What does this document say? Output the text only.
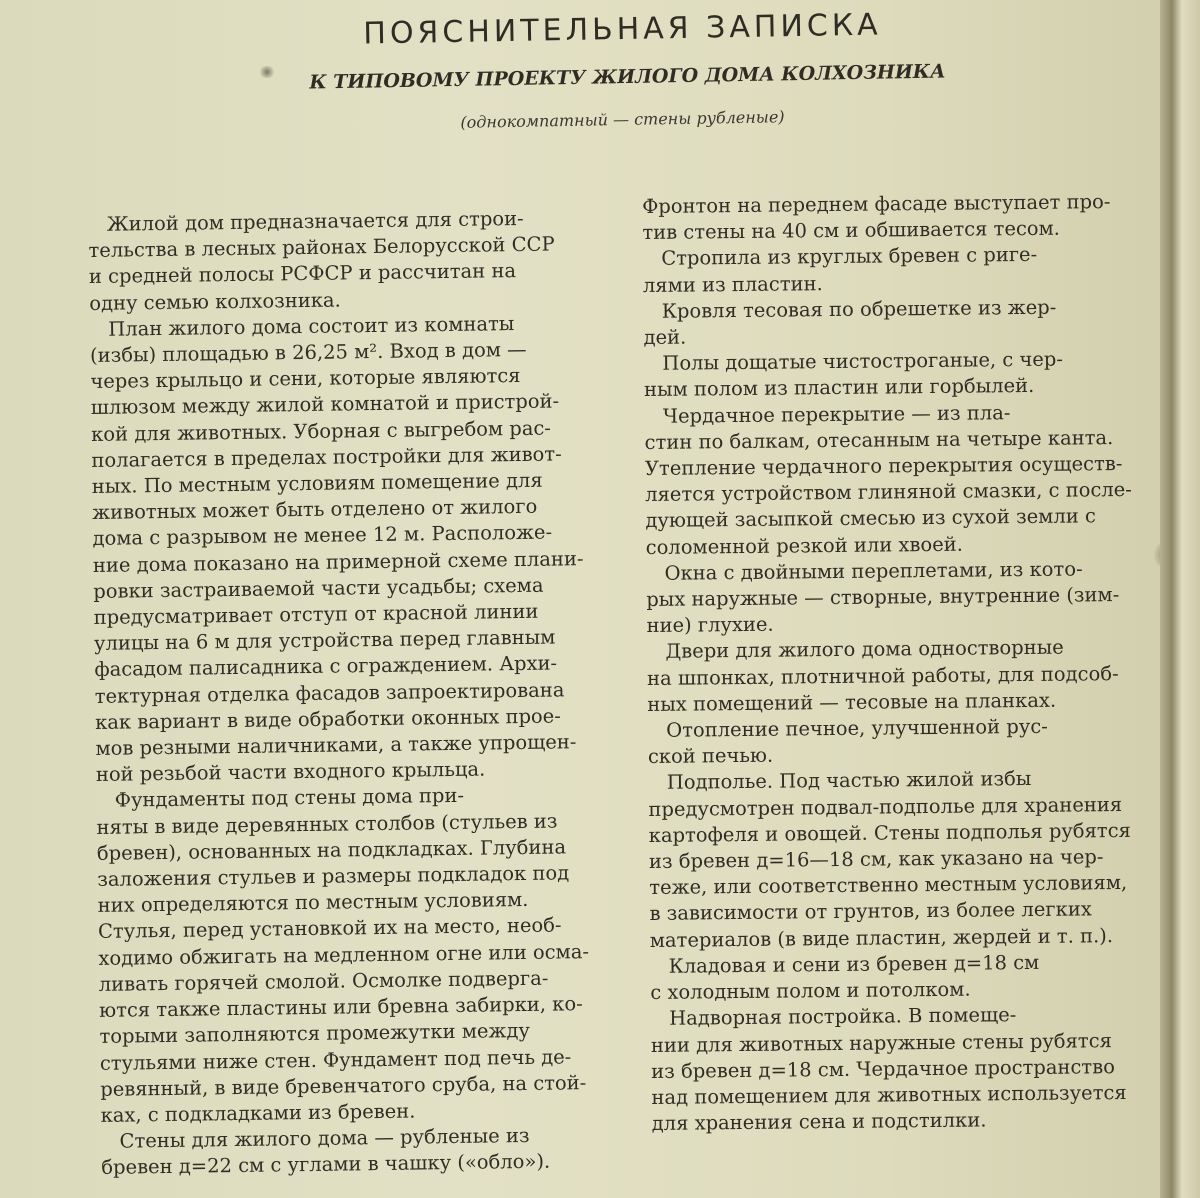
ПОЯСНИТЕЛЬНАЯ ЗАПИСКА
К ТИПОВОМУ ПРОЕКТУ ЖИЛОГО ДОМА КОЛХОЗНИКА
(однокомпатный — стены рубленые)
Жилой дом предназначается для строи-
тельства в лесных районах Белорусской ССР
и средней полосы РСФСР и рассчитан на
одну семью колхозника.
План жилого дома состоит из комнаты
(избы) площадью в 26,25 м². Вход в дом —
через крыльцо и сени, которые являются
шлюзом между жилой комнатой и пристрой-
кой для животных. Уборная с выгребом рас-
полагается в пределах постройки для живот-
ных. По местным условиям помещение для
животных может быть отделено от жилого
дома с разрывом не менее 12 м. Расположе-
ние дома показано на примерной схеме плани-
ровки застраиваемой части усадьбы; схема
предусматривает отступ от красной линии
улицы на 6 м для устройства перед главным
фасадом палисадника с ограждением. Архи-
тектурная отделка фасадов запроектирована
как вариант в виде обработки оконных прое-
мов резными наличниками, а также упрощен-
ной резьбой части входного крыльца.
Фундаменты под стены дома при-
няты в виде деревянных столбов (стульев из
бревен), основанных на подкладках. Глубина
заложения стульев и размеры подкладок под
них определяются по местным условиям.
Стулья, перед установкой их на место, необ-
ходимо обжигать на медленном огне или осма-
ливать горячей смолой. Осмолке подверга-
ются также пластины или бревна забирки, ко-
торыми заполняются промежутки между
стульями ниже стен. Фундамент под печь де-
ревянный, в виде бревенчатого сруба, на стой-
ках, с подкладками из бревен.
Стены для жилого дома — рубленые из
бревен д=22 см с углами в чашку («обло»).
Фронтон на переднем фасаде выступает про-
тив стены на 40 см и обшивается тесом.
Стропила из круглых бревен с риге-
лями из пластин.
Кровля тесовая по обрешетке из жер-
дей.
Полы дощатые чистостроганые, с чер-
ным полом из пластин или горбылей.
Чердачное перекрытие — из пла-
стин по балкам, отесанным на четыре канта.
Утепление чердачного перекрытия осуществ-
ляется устройством глиняной смазки, с после-
дующей засыпкой смесью из сухой земли с
соломенной резкой или хвоей.
Окна с двойными переплетами, из кото-
рых наружные — створные, внутренние (зим-
ние) глухие.
Двери для жилого дома одностворные
на шпонках, плотничной работы, для подсоб-
ных помещений — тесовые на планках.
Отопление печное, улучшенной рус-
ской печью.
Подполье. Под частью жилой избы
предусмотрен подвал-подполье для хранения
картофеля и овощей. Стены подполья рубятся
из бревен д=16—18 см, как указано на чер-
теже, или соответственно местным условиям,
в зависимости от грунтов, из более легких
материалов (в виде пластин, жердей и т. п.).
Кладовая и сени из бревен д=18 см
с холодным полом и потолком.
Надворная постройка. В помеще-
нии для животных наружные стены рубятся
из бревен д=18 см. Чердачное пространство
над помещением для животных используется
для хранения сена и подстилки.
